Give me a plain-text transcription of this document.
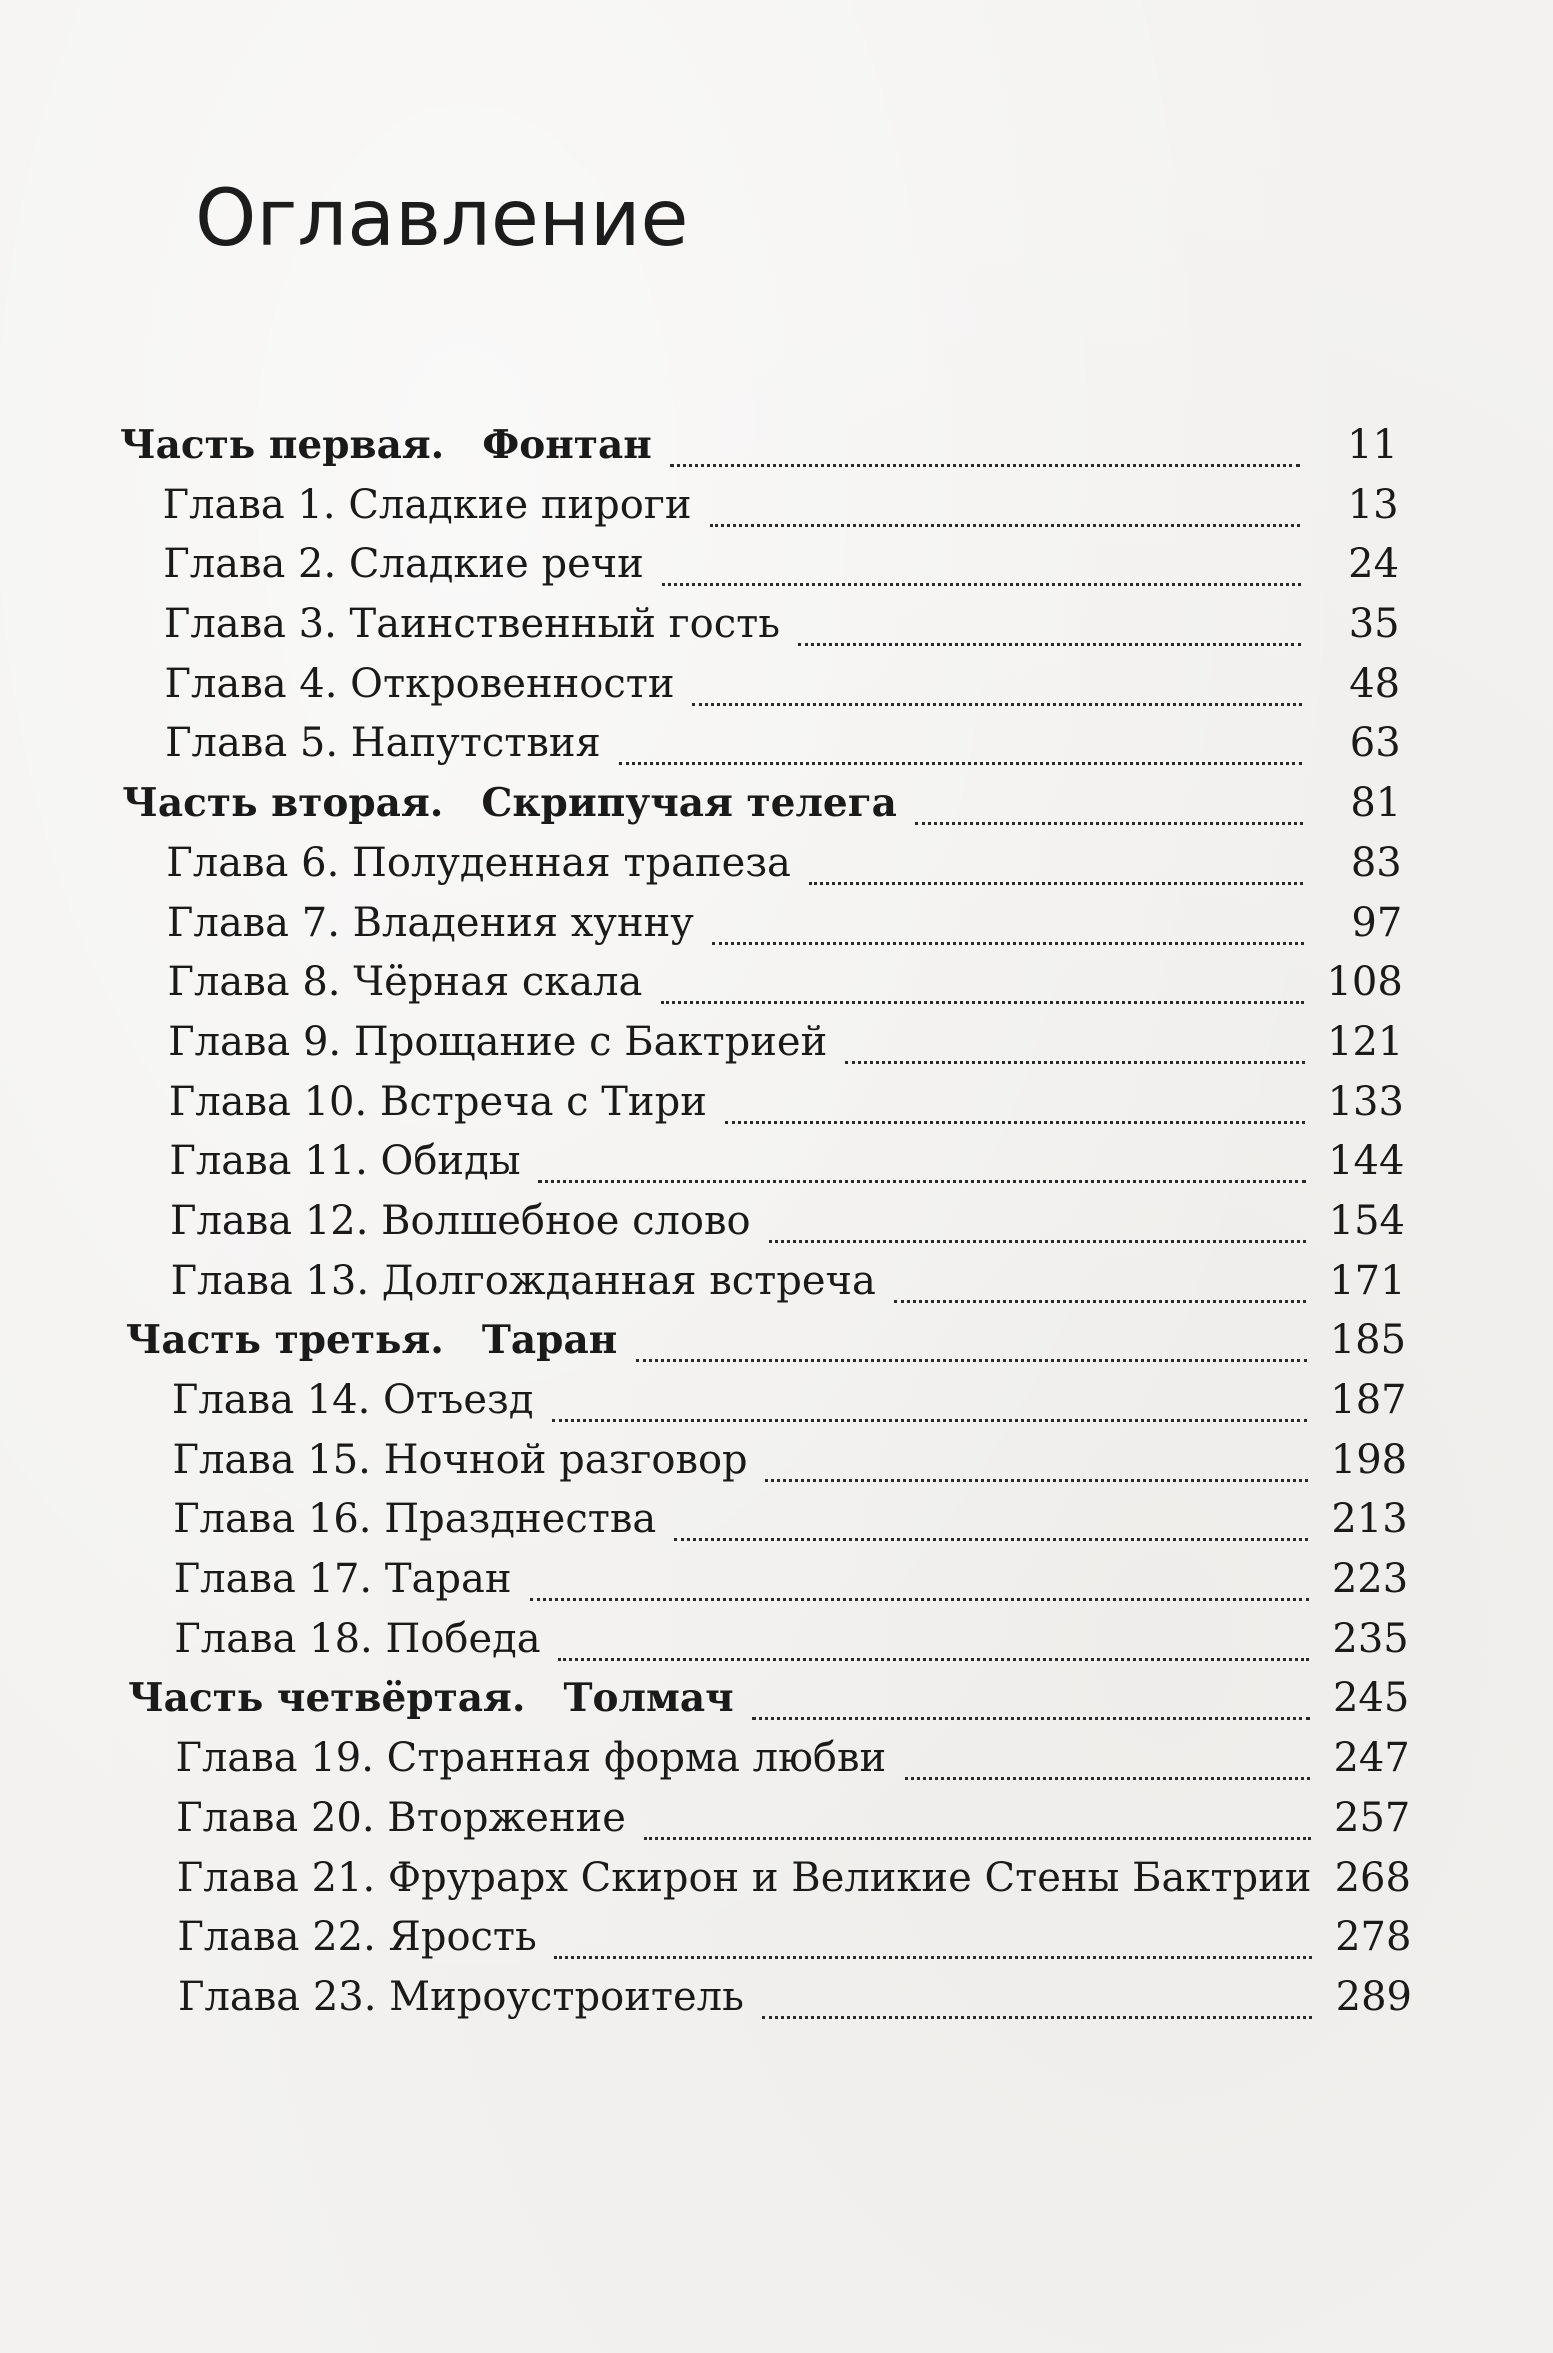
Оглавление
Часть первая. Фонтан	11
Глава 1. Сладкие пироги	13
Глава 2. Сладкие речи	24
Глава 3. Таинственный гость	35
Глава 4. Откровенности	48
Глава 5. Напутствия	63
Часть вторая. Скрипучая телега	81
Глава 6. Полуденная трапеза	83
Глава 7. Владения хунну	97
Глава 8. Чёрная скала	108
Глава 9. Прощание с Бактрией	121
Глава 10. Встреча с Тири	133
Глава 11. Обиды	144
Глава 12. Волшебное слово	154
Глава 13. Долгожданная встреча	171
Часть третья. Таран	185
Глава 14. Отъезд	187
Глава 15. Ночной разговор	198
Глава 16. Празднества	213
Глава 17. Таран	223
Глава 18. Победа	235
Часть четвёртая. Толмач	245
Глава 19. Странная форма любви	247
Глава 20. Вторжение	257
Глава 21. Фрурарх Скирон и Великие Стены Бактрии 268
Глава 22. Ярость	278
Глава 23. Мироустроитель	289
